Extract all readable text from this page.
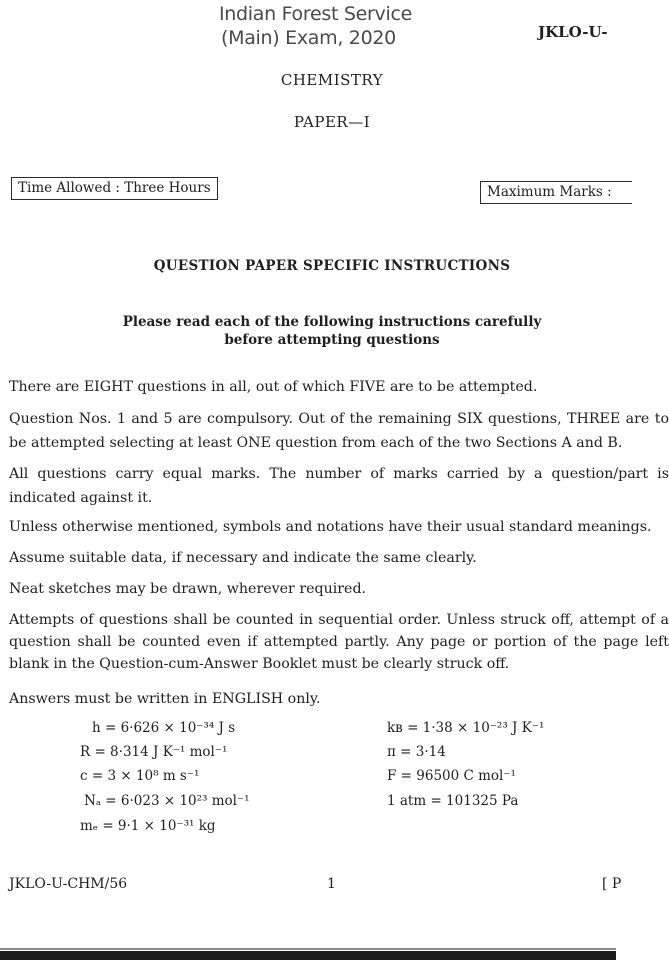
Indian Forest Service
(Main) Exam, 2020	JKLO-U-
CHEMISTRY
PAPER—I
Time Allowed : Three Hours	Maximum Marks :
QUESTION PAPER SPECIFIC INSTRUCTIONS
Please read each of the following instructions carefully
before attempting questions
There are EIGHT questions in all, out of which FIVE are to be attempted.
Question Nos. 1 and 5 are compulsory. Out of the remaining SIX questions, THREE are to be attempted selecting at least ONE question from each of the two Sections A and B.
All questions carry equal marks. The number of marks carried by a question/part is indicated against it.
Unless otherwise mentioned, symbols and notations have their usual standard meanings.
Assume suitable data, if necessary and indicate the same clearly.
Neat sketches may be drawn, wherever required.
Attempts of questions shall be counted in sequential order. Unless struck off, attempt of a question shall be counted even if attempted partly. Any page or portion of the page left blank in the Question-cum-Answer Booklet must be clearly struck off.
Answers must be written in ENGLISH only.
h = 6·626 × 10⁻³⁴ J s
R = 8·314 J K⁻¹ mol⁻¹
c = 3 × 10⁸ m s⁻¹
Nₐ = 6·023 × 10²³ mol⁻¹
mₑ = 9·1 × 10⁻³¹ kg
kʙ = 1·38 × 10⁻²³ J K⁻¹
π = 3·14
F = 96500 C mol⁻¹
1 atm = 101325 Pa
JKLO-U-CHM/56	1	[ P
